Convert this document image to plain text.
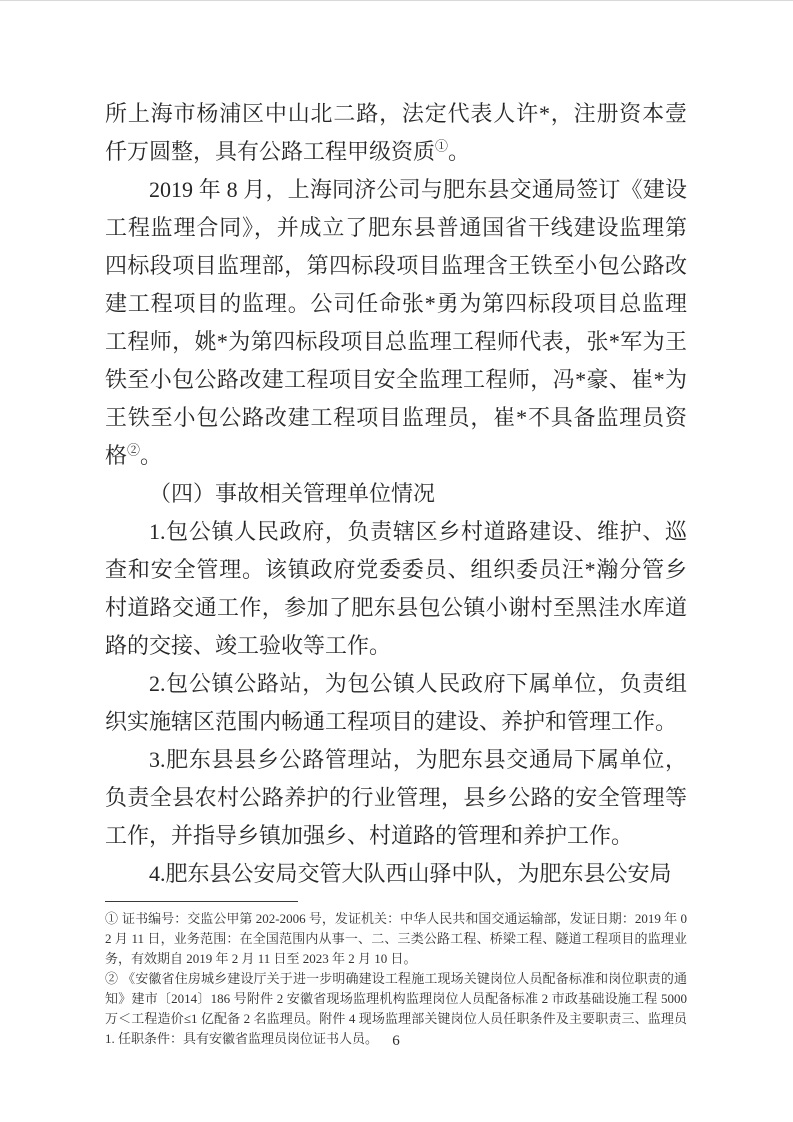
所上海市杨浦区中山北二路，法定代表人许*，注册资本壹仟万圆整，具有公路工程甲级资质①。

2019 年 8 月，上海同济公司与肥东县交通局签订《建设工程监理合同》，并成立了肥东县普通国省干线建设监理第四标段项目监理部，第四标段项目监理含王铁至小包公路改建工程项目的监理。公司任命张*勇为第四标段项目总监理工程师，姚*为第四标段项目总监理工程师代表，张*军为王铁至小包公路改建工程项目安全监理工程师，冯*豪、崔*为王铁至小包公路改建工程项目监理员，崔*不具备监理员资格②。

（四）事故相关管理单位情况

1.包公镇人民政府，负责辖区乡村道路建设、维护、巡查和安全管理。该镇政府党委委员、组织委员汪*瀚分管乡村道路交通工作，参加了肥东县包公镇小谢村至黑洼水库道路的交接、竣工验收等工作。

2.包公镇公路站，为包公镇人民政府下属单位，负责组织实施辖区范围内畅通工程项目的建设、养护和管理工作。

3.肥东县县乡公路管理站，为肥东县交通局下属单位，负责全县农村公路养护的行业管理，县乡公路的安全管理等工作，并指导乡镇加强乡、村道路的管理和养护工作。

4.肥东县公安局交管大队西山驿中队，为肥东县公安局

① 证书编号：交监公甲第 202-2006 号，发证机关：中华人民共和国交通运输部，发证日期：2019 年 02 月 11 日，业务范围：在全国范围内从事一、二、三类公路工程、桥梁工程、隧道工程项目的监理业务，有效期自 2019 年 2 月 11 日至 2023 年 2 月 10 日。

② 《安徽省住房城乡建设厅关于进一步明确建设工程施工现场关键岗位人员配备标准和岗位职责的通知》建市〔2014〕186 号附件 2 安徽省现场监理机构监理岗位人员配备标准 2 市政基础设施工程 5000 万＜工程造价≤1 亿配备 2 名监理员。附件 4 现场监理部关键岗位人员任职条件及主要职责三、监理员 1. 任职条件：具有安徽省监理员岗位证书人员。 6
